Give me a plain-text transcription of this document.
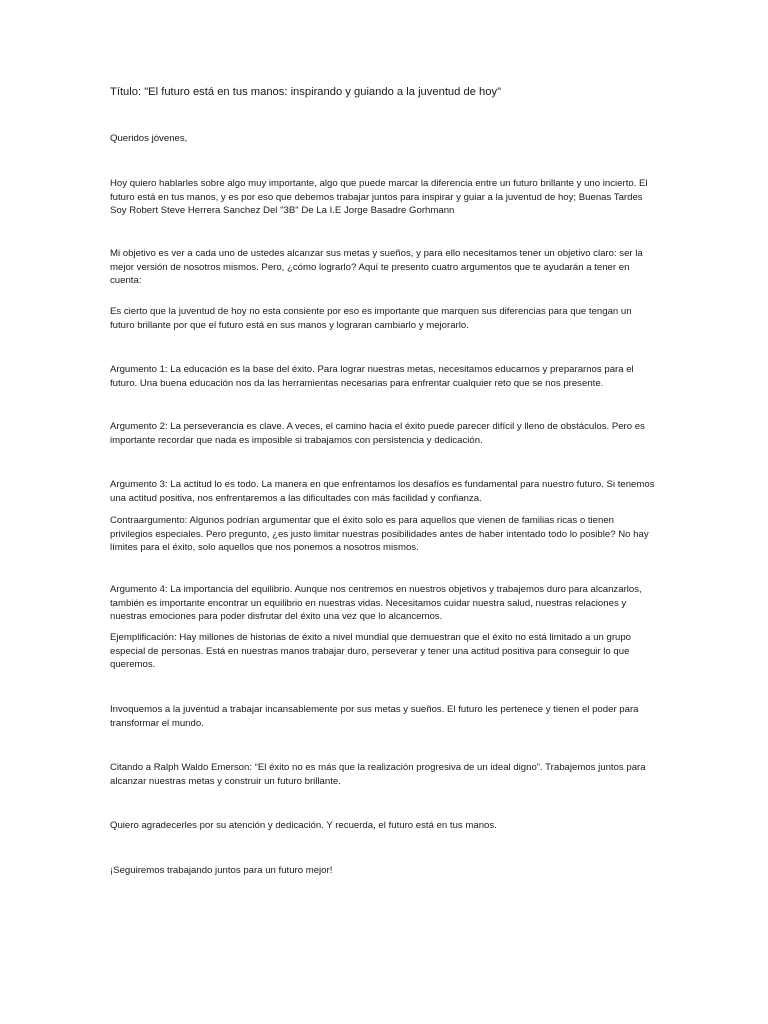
Título: "El futuro está en tus manos: inspirando y guiando a la juventud de hoy"

Queridos jóvenes,

Hoy quiero hablarles sobre algo muy importante, algo que puede marcar la diferencia entre un futuro brillante y uno incierto. El futuro está en tus manos, y es por eso que debemos trabajar juntos para inspirar y guiar a la juventud de hoy; Buenas Tardes Soy Robert Steve Herrera Sanchez Del "3B" De La I.E Jorge Basadre Gorhmann

Mi objetivo es ver a cada uno de ustedes alcanzar sus metas y sueños, y para ello necesitamos tener un objetivo claro: ser la mejor versión de nosotros mismos. Pero, ¿cómo lograrlo? Aquí te presento cuatro argumentos que te ayudarán a tener en cuenta:

Es cierto que la juventud de hoy no esta consiente por eso es importante que marquen sus diferencias para que tengan un futuro brillante por que el futuro está en sus manos y lograran cambiarlo y mejorarlo.

Argumento 1: La educación es la base del éxito. Para lograr nuestras metas, necesitamos educarnos y prepararnos para el futuro. Una buena educación nos da las herramientas necesarias para enfrentar cualquier reto que se nos presente.

Argumento 2: La perseverancia es clave. A veces, el camino hacia el éxito puede parecer difícil y lleno de obstáculos. Pero es importante recordar que nada es imposible si trabajamos con persistencia y dedicación.

Argumento 3: La actitud lo es todo. La manera en que enfrentamos los desafíos es fundamental para nuestro futuro. Si tenemos una actitud positiva, nos enfrentaremos a las dificultades con más facilidad y confianza.

Contraargumento: Algunos podrían argumentar que el éxito solo es para aquellos que vienen de familias ricas o tienen privilegios especiales. Pero pregunto, ¿es justo limitar nuestras posibilidades antes de haber intentado todo lo posible? No hay límites para el éxito, solo aquellos que nos ponemos a nosotros mismos.

Argumento 4: La importancia del equilibrio. Aunque nos centremos en nuestros objetivos y trabajemos duro para alcanzarlos, también es importante encontrar un equilibrio en nuestras vidas. Necesitamos cuidar nuestra salud, nuestras relaciones y nuestras emociones para poder disfrutar del éxito una vez que lo alcancemos.

Ejemplificación: Hay millones de historias de éxito a nivel mundial que demuestran que el éxito no está limitado a un grupo especial de personas. Está en nuestras manos trabajar duro, perseverar y tener una actitud positiva para conseguir lo que queremos.

Invoquemos a la juventud a trabajar incansablemente por sus metas y sueños. El futuro les pertenece y tienen el poder para transformar el mundo.

Citando a Ralph Waldo Emerson: “El éxito no es más que la realización progresiva de un ideal digno”. Trabajemos juntos para alcanzar nuestras metas y construir un futuro brillante.

Quiero agradecerles por su atención y dedicación. Y recuerda, el futuro está en tus manos.

¡Seguiremos trabajando juntos para un futuro mejor!
